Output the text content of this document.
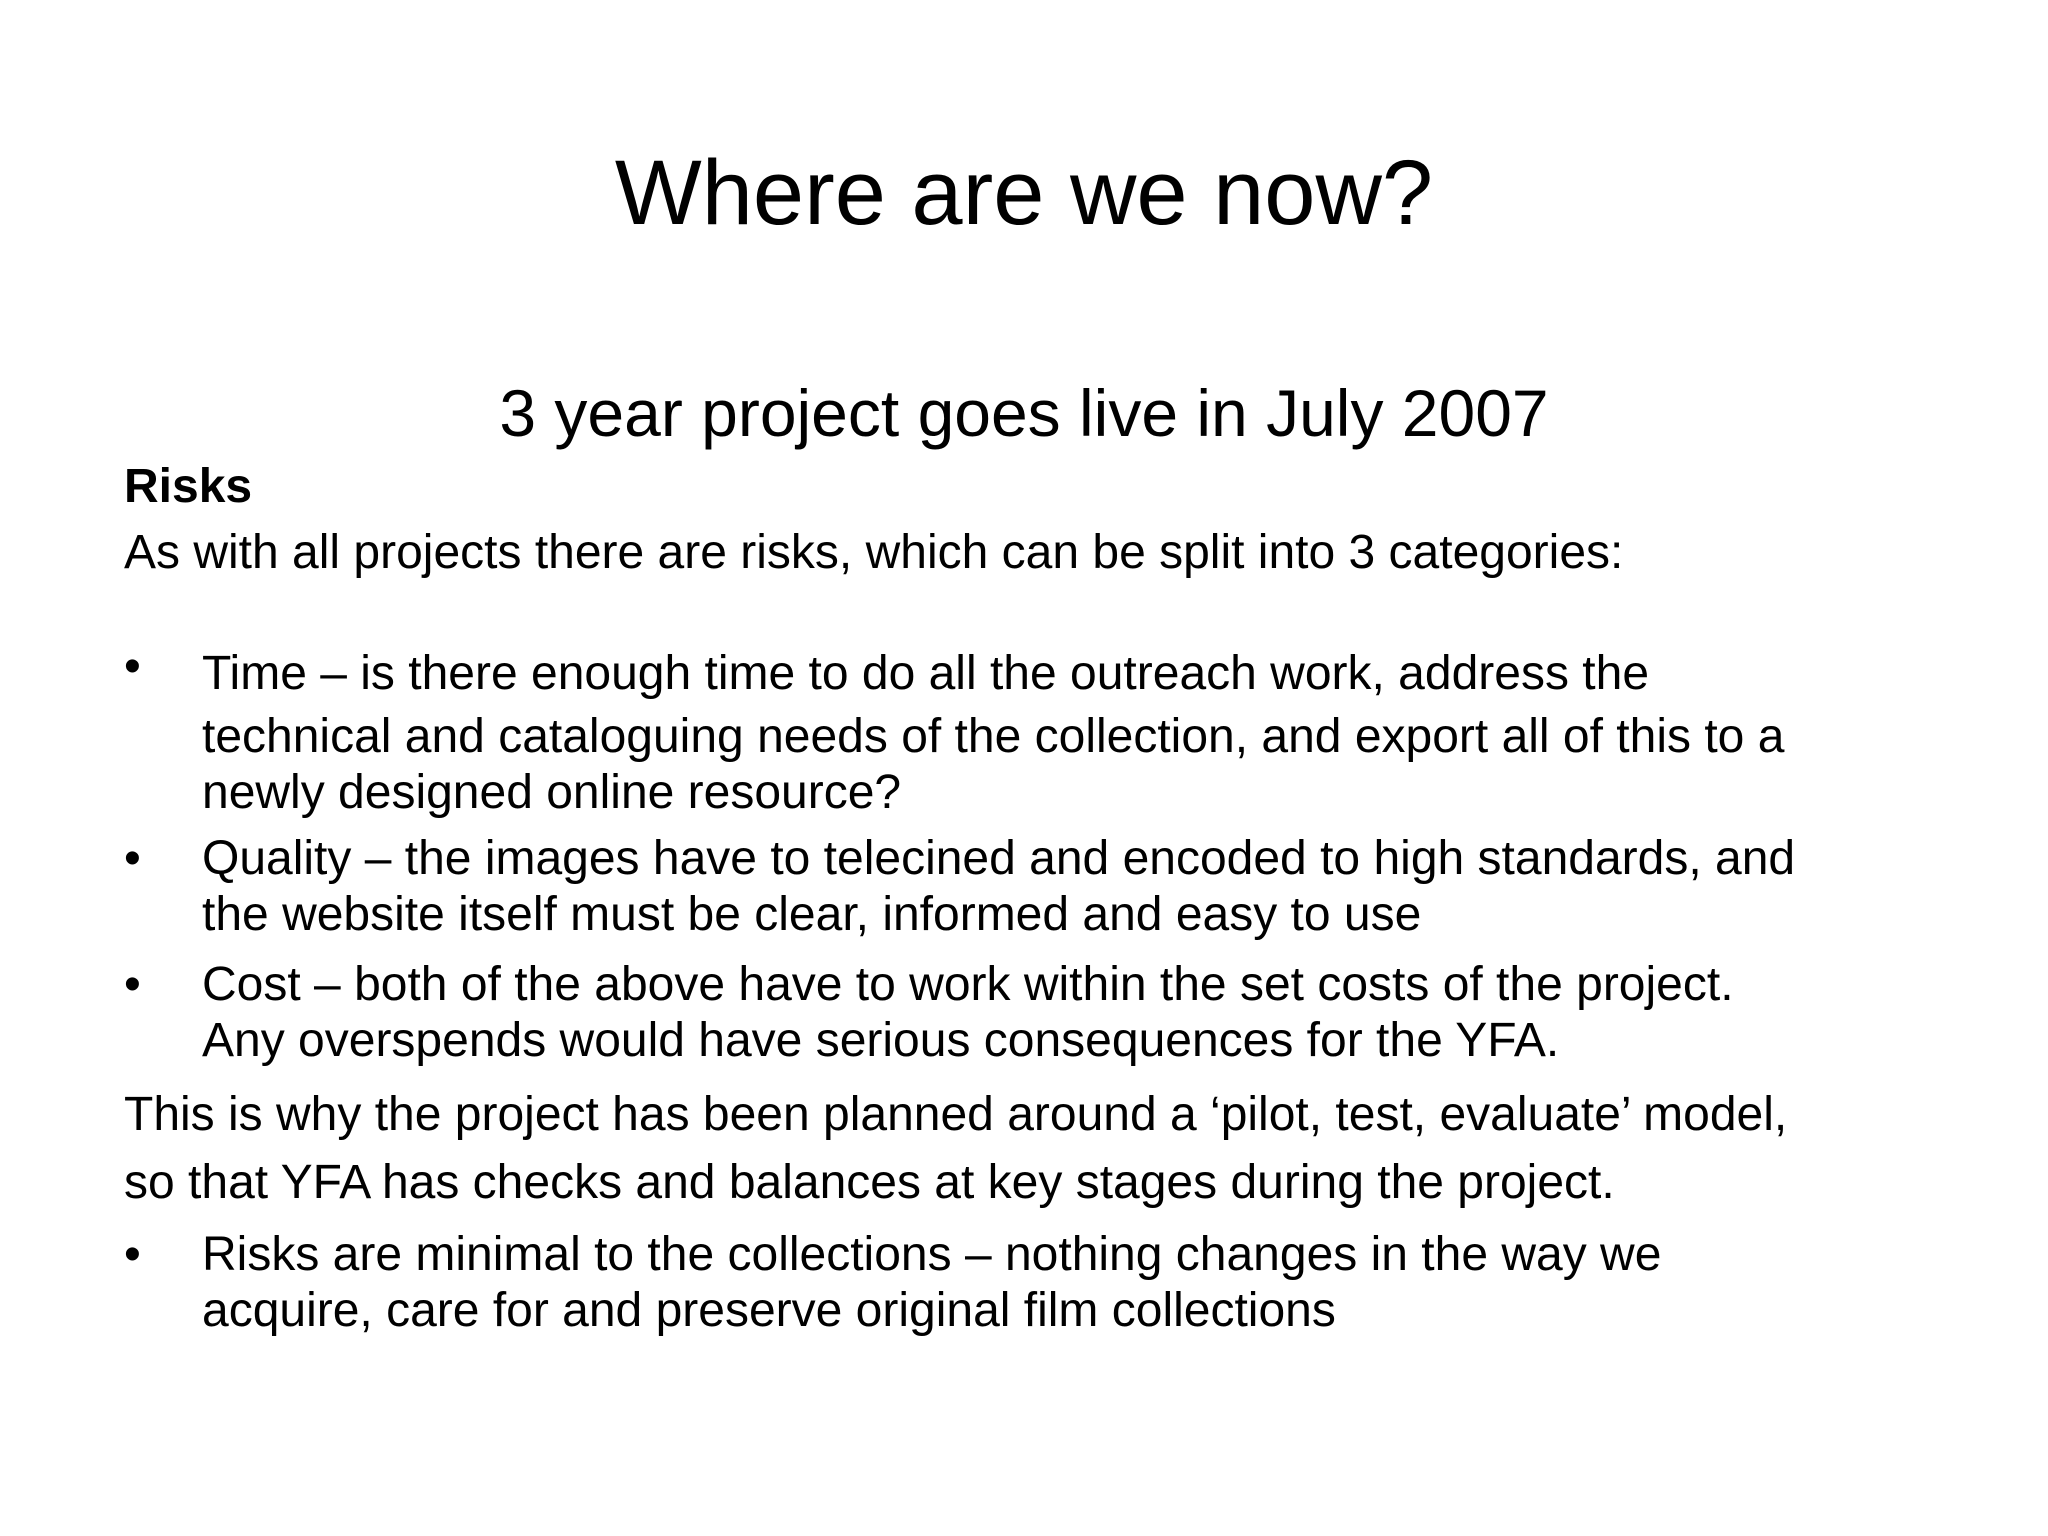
Where are we now?
3 year project goes live in July 2007
Risks
As with all projects there are risks, which can be split into 3 categories:
•	Time – is there enough time to do all the outreach work, address the
technical and cataloguing needs of the collection, and export all of this to a
newly designed online resource?
•	Quality – the images have to telecined and encoded to high standards, and
the website itself must be clear, informed and easy to use
•	Cost – both of the above have to work within the set costs of the project.
Any overspends would have serious consequences for the YFA.
This is why the project has been planned around a ‘pilot, test, evaluate’ model,
so that YFA has checks and balances at key stages during the project.
•	Risks are minimal to the collections – nothing changes in the way we
acquire, care for and preserve original film collections
